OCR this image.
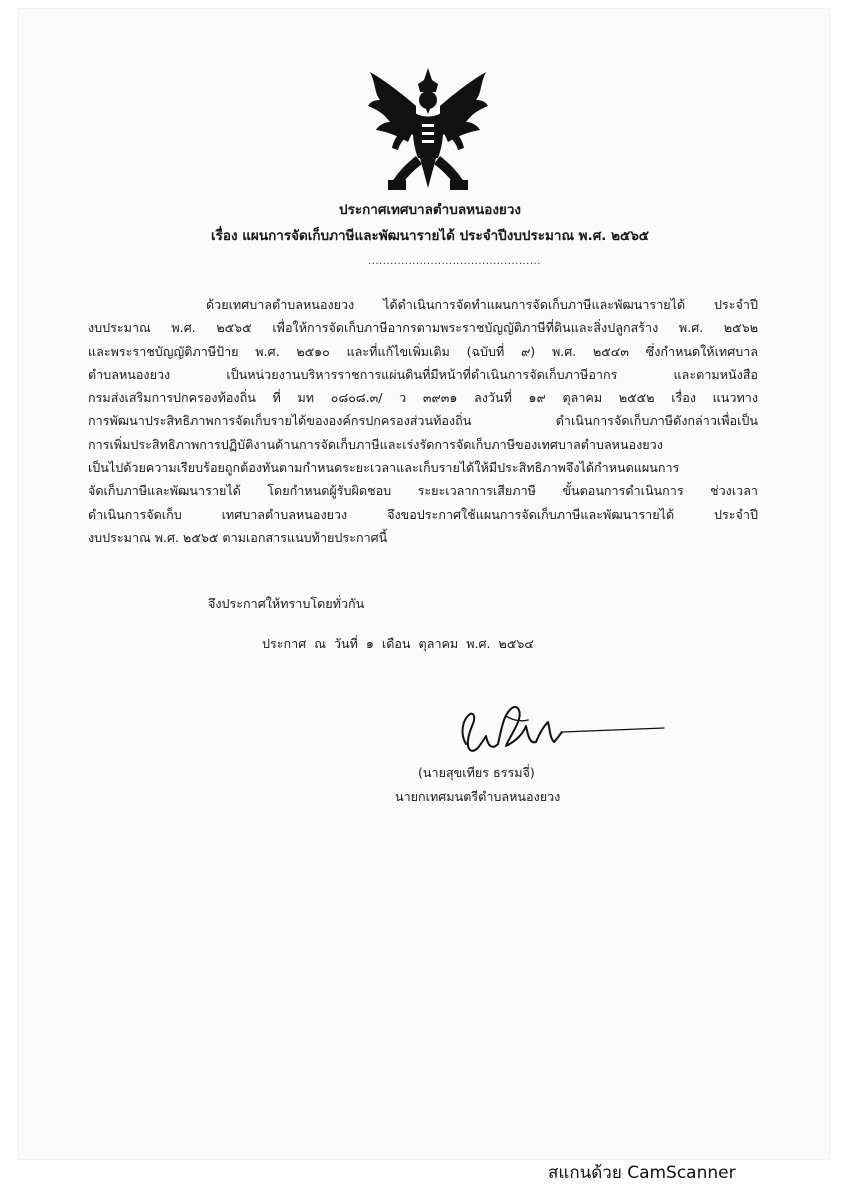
ประกาศเทศบาลตำบลหนองยวง
เรื่อง แผนการจัดเก็บภาษีและพัฒนารายได้ ประจำปีงบประมาณ พ.ศ. ๒๕๖๕
...............................................
ด้วยเทศบาลตำบลหนองยวง ได้ดำเนินการจัดทำแผนการจัดเก็บภาษีและพัฒนารายได้ ประจำปี
งบประมาณ พ.ศ. ๒๕๖๕ เพื่อให้การจัดเก็บภาษีอากรตามพระราชบัญญัติภาษีที่ดินและสิ่งปลูกสร้าง พ.ศ. ๒๕๖๒
และพระราชบัญญัติภาษีป้าย พ.ศ. ๒๕๑๐ และที่แก้ไขเพิ่มเติม (ฉบับที่ ๙) พ.ศ. ๒๕๔๓ ซึ่งกำหนดให้เทศบาล
ตำบลหนองยวง เป็นหน่วยงานบริหารราชการแผ่นดินที่มีหน้าที่ดำเนินการจัดเก็บภาษีอากร และตามหนังสือ
กรมส่งเสริมการปกครองท้องถิ่น ที่ มท ๐๘๐๘.๓/ ว ๓๙๓๑ ลงวันที่ ๑๙ ตุลาคม ๒๕๕๒ เรื่อง แนวทาง
การพัฒนาประสิทธิภาพการจัดเก็บรายได้ขององค์กรปกครองส่วนท้องถิ่น ดำเนินการจัดเก็บภาษีดังกล่าวเพื่อเป็น
การเพิ่มประสิทธิภาพการปฏิบัติงานด้านการจัดเก็บภาษีและเร่งรัดการจัดเก็บภาษีของเทศบาลตำบลหนองยวง
เป็นไปด้วยความเรียบร้อยถูกต้องทันตามกำหนดระยะเวลาและเก็บรายได้ให้มีประสิทธิภาพจึงได้กำหนดแผนการ
จัดเก็บภาษีและพัฒนารายได้ โดยกำหนดผู้รับผิดชอบ ระยะเวลาการเสียภาษี ขั้นตอนการดำเนินการ ช่วงเวลา
ดำเนินการจัดเก็บ เทศบาลตำบลหนองยวง จึงขอประกาศใช้แผนการจัดเก็บภาษีและพัฒนารายได้ ประจำปี
งบประมาณ พ.ศ. ๒๕๖๕ ตามเอกสารแนบท้ายประกาศนี้
จึงประกาศให้ทราบโดยทั่วกัน
ประกาศ ณ วันที่ ๑ เดือน ตุลาคม พ.ศ. ๒๕๖๔
(นายสุขเทียร ธรรมจี่)
นายกเทศมนตรีตำบลหนองยวง
สแกนด้วย CamScanner
